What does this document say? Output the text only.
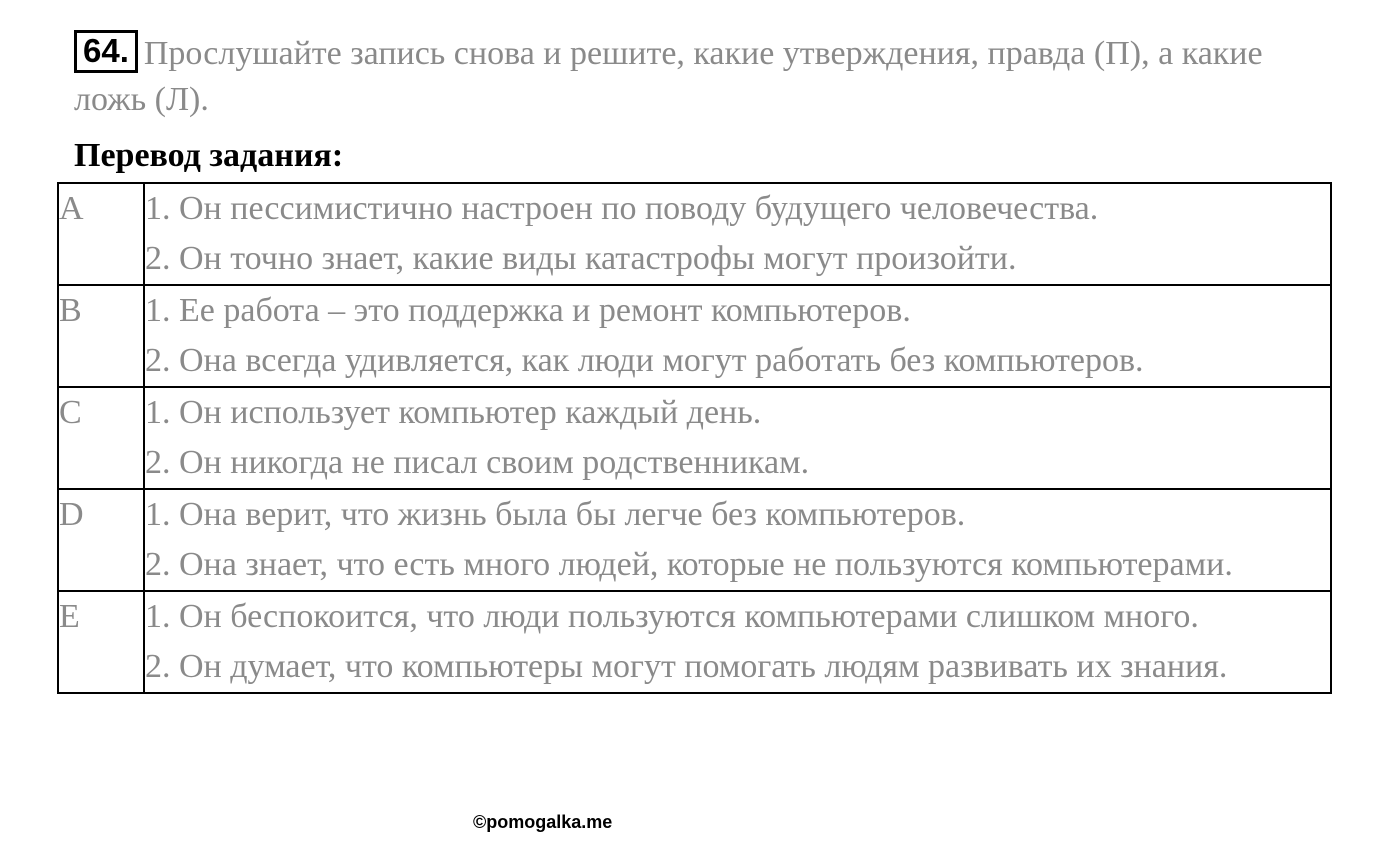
64. Прослушайте запись снова и решите, какие утверждения, правда (П), а какие ложь (Л).
Перевод задания:
A	1. Он пессимистично настроен по поводу будущего человечества.
2. Он точно знает, какие виды катастрофы могут произойти.

B	1. Ее работа – это поддержка и ремонт компьютеров.
2. Она всегда удивляется, как люди могут работать без компьютеров.

C	1. Он использует компьютер каждый день.
2. Он никогда не писал своим родственникам.

D	1. Она верит, что жизнь была бы легче без компьютеров.
2. Она знает, что есть много людей, которые не пользуются компьютерами.

E	1. Он беспокоится, что люди пользуются компьютерами слишком много.
2. Он думает, что компьютеры могут помогать людям развивать их знания.
©pomogalka.me
